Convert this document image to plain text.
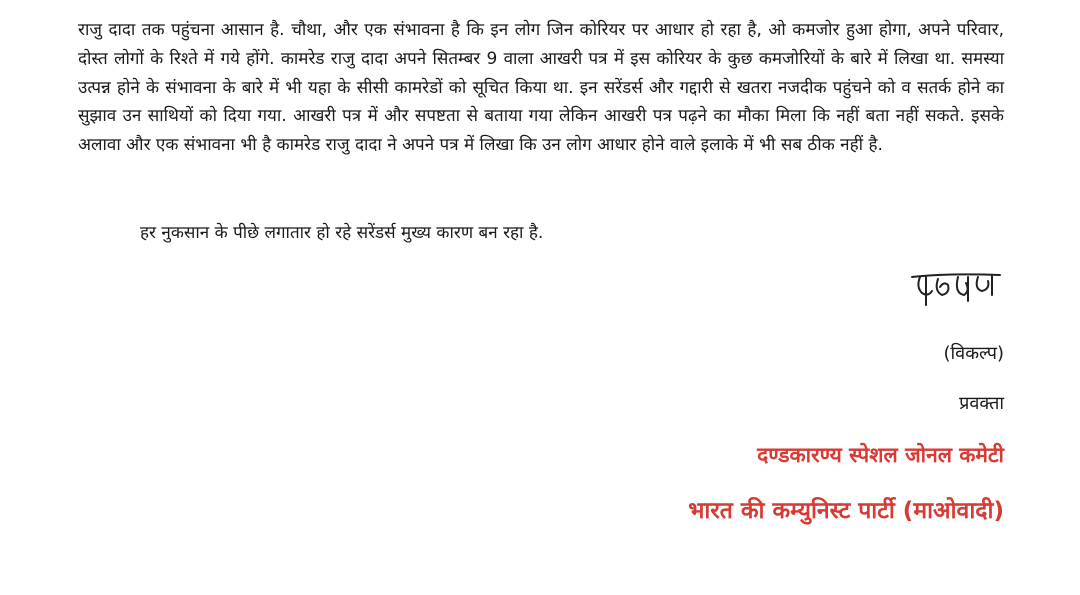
राजु दादा तक पहुंचना आसान है. चौथा, और एक संभावना है कि इन लोग जिन कोरियर पर आधार हो रहा है, ओ कमजोर हुआ होगा, अपने परिवार, दोस्त लोगों के रिश्ते में गये होंगे. कामरेड राजु दादा अपने सितम्बर 9 वाला आखरी पत्र में इस कोरियर के कुछ कमजोरियों के बारे में लिखा था. समस्या उत्पन्न होने के संभावना के बारे में भी यहा के सीसी कामरेडों को सूचित किया था. इन सरेंडर्स और गद्दारी से खतरा नजदीक पहुंचने को व सतर्क होने का सुझाव उन साथियों को दिया गया. आखरी पत्र में और सपष्टता से बताया गया लेकिन आखरी पत्र पढ़ने का मौका मिला कि नहीं बता नहीं सकते. इसके अलावा और एक संभावना भी है कामरेड राजु दादा ने अपने पत्र में लिखा कि उन लोग आधार होने वाले इलाके में भी सब ठीक नहीं है.

हर नुकसान के पीछे लगातार हो रहे सरेंडर्स मुख्य कारण बन रहा है.

(विकल्प)
प्रवक्ता
दण्डकारण्य स्पेशल जोनल कमेटी
भारत की कम्युनिस्ट पार्टी (माओवादी)
